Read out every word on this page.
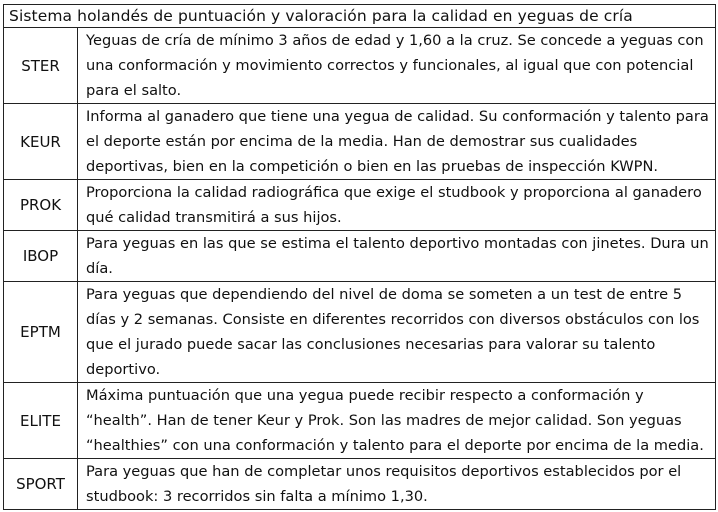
Sistema holandés de puntuación y valoración para la calidad en yeguas de cría	
STER	Yeguas de cría de mínimo 3 años de edad y 1,60 a la cruz. Se concede a yeguas con una conformación y movimiento correctos y funcionales, al igual que con potencial para el salto.
KEUR	Informa al ganadero que tiene una yegua de calidad. Su conformación y talento para el deporte están por encima de la media. Han de demostrar sus cualidades deportivas, bien en la competición o bien en las pruebas de inspección KWPN.
PROK	Proporciona la calidad radiográfica que exige el studbook y proporciona al ganadero qué calidad transmitirá a sus hijos.
IBOP	Para yeguas en las que se estima el talento deportivo montadas con jinetes. Dura un día.
EPTM	Para yeguas que dependiendo del nivel de doma se someten a un test de entre 5 días y 2 semanas. Consiste en diferentes recorridos con diversos obstáculos con los que el jurado puede sacar las conclusiones necesarias para valorar su talento deportivo.
ELITE	Máxima puntuación que una yegua puede recibir respecto a conformación y “health”. Han de tener Keur y Prok. Son las madres de mejor calidad. Son yeguas “healthies” con una conformación y talento para el deporte por encima de la media.
SPORT	Para yeguas que han de completar unos requisitos deportivos establecidos por el studbook: 3 recorridos sin falta a mínimo 1,30.
